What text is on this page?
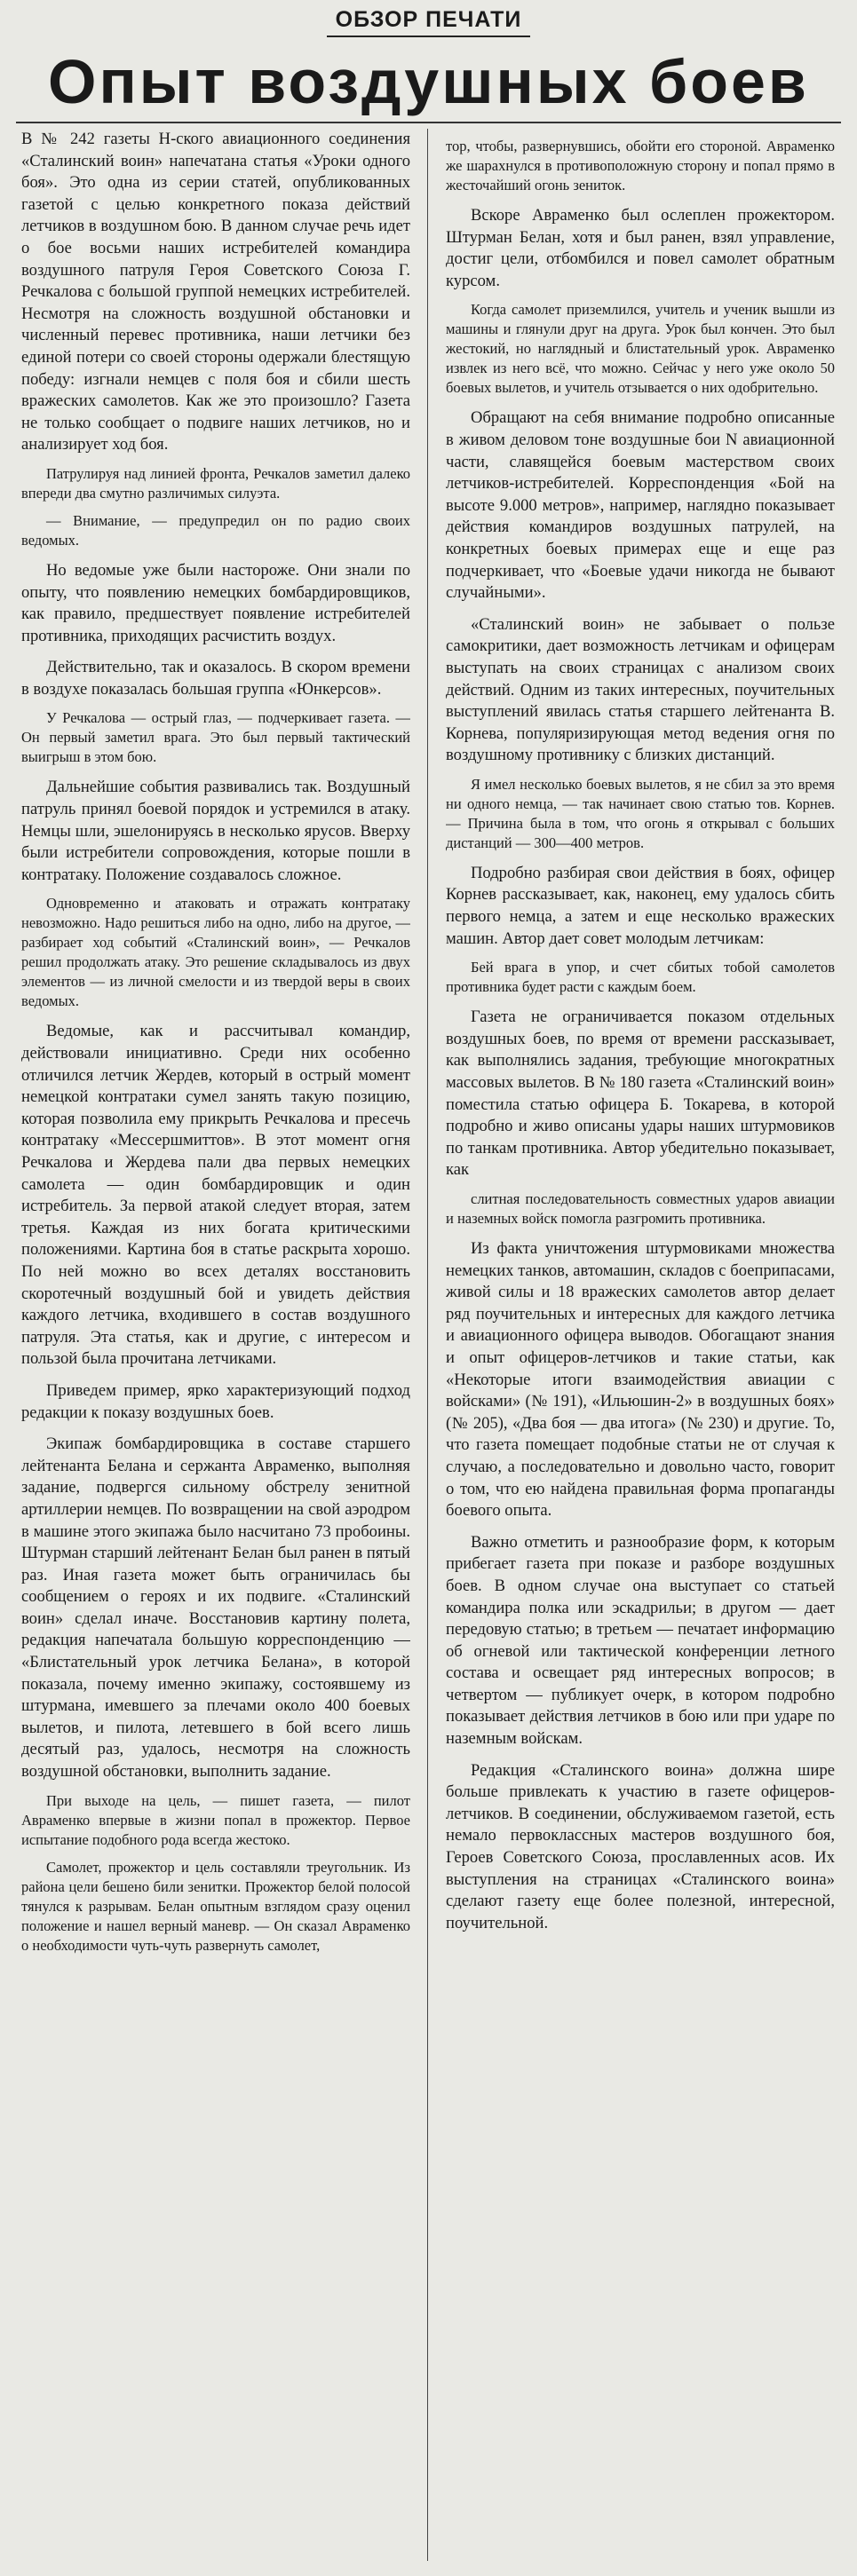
ОБЗОР ПЕЧАТИ
Опыт воздушных боев

В № 242 газеты Н-ского авиационного соединения «Сталинский воин» напечатана статья «Уроки одного боя». Это одна из серии статей, опубликованных газетой с целью конкретного показа действий летчиков в воздушном бою. В данном случае речь идет о бое восьми наших истребителей командира воздушного патруля Героя Советского Союза Г. Речкалова с большой группой немецких истребителей. Несмотря на сложность воздушной обстановки и численный перевес противника, наши летчики без единой потери со своей стороны одержали блестящую победу: изгнали немцев с поля боя и сбили шесть вражеских самолетов. Как же это произошло? Газета не только сообщает о подвиге наших летчиков, но и анализирует ход боя.

Патрулируя над линией фронта, Речкалов заметил далеко впереди два смутно различимых силуэта.

— Внимание, — предупредил он по радио своих ведомых.

Но ведомые уже были настороже. Они знали по опыту, что появлению немецких бомбардировщиков, как правило, предшествует появление истребителей противника, приходящих расчистить воздух.

Действительно, так и оказалось. В скором времени в воздухе показалась большая группа «Юнкерсов».

У Речкалова — острый глаз, — подчеркивает газета. — Он первый заметил врага. Это был первый тактический выигрыш в этом бою.

Дальнейшие события развивались так. Воздушный патруль принял боевой порядок и устремился в атаку. Немцы шли, эшелонируясь в несколько ярусов. Вверху были истребители сопровождения, которые пошли в контратаку. Положение создавалось сложное.

Одновременно и атаковать и отражать контратаку невозможно. Надо решиться либо на одно, либо на другое, — разбирает ход событий «Сталинский воин», — Речкалов решил продолжать атаку. Это решение складывалось из двух элементов — из личной смелости и из твердой веры в своих ведомых.

Ведомые, как и рассчитывал командир, действовали инициативно. Среди них особенно отличился летчик Жердев, который в острый момент немецкой контратаки сумел занять такую позицию, которая позволила ему прикрыть Речкалова и пресечь контратаку «Мессершмиттов». В этот момент огня Речкалова и Жердева пали два первых немецких самолета — один бомбардировщик и один истребитель. За первой атакой следует вторая, затем третья. Каждая из них богата критическими положениями. Картина боя в статье раскрыта хорошо. По ней можно во всех деталях восстановить скоротечный воздушный бой и увидеть действия каждого летчика, входившего в состав воздушного патруля. Эта статья, как и другие, с интересом и пользой была прочитана летчиками.

Приведем пример, ярко характеризующий подход редакции к показу воздушных боев.

Экипаж бомбардировщика в составе старшего лейтенанта Белана и сержанта Авраменко, выполняя задание, подвергся сильному обстрелу зенитной артиллерии немцев. По возвращении на свой аэродром в машине этого экипажа было насчитано 73 пробоины. Штурман старший лейтенант Белан был ранен в пятый раз. Иная газета может быть ограничилась бы сообщением о героях и их подвиге. «Сталинский воин» сделал иначе. Восстановив картину полета, редакция напечатала большую корреспонденцию — «Блистательный урок летчика Белана», в которой показала, почему именно экипажу, состоявшему из штурмана, имевшего за плечами около 400 боевых вылетов, и пилота, летевшего в бой всего лишь десятый раз, удалось, несмотря на сложность воздушной обстановки, выполнить задание.

При выходе на цель, — пишет газета, — пилот Авраменко впервые в жизни попал в прожектор. Первое испытание подобного рода всегда жестоко.

Самолет, прожектор и цель составляли треугольник. Из района цели бешено били зенитки. Прожектор белой полосой тянулся к разрывам. Белан опытным взглядом сразу оценил положение и нашел верный маневр. — Он сказал Авраменко о необходимости чуть-чуть развернуть самолет,

тор, чтобы, развернувшись, обойти его стороной. Авраменко же шарахнулся в противоположную сторону и попал прямо в жесточайший огонь зениток.

Вскоре Авраменко был ослеплен прожектором. Штурман Белан, хотя и был ранен, взял управление, достиг цели, отбомбился и повел самолет обратным курсом.

Когда самолет приземлился, учитель и ученик вышли из машины и глянули друг на друга. Урок был кончен. Это был жестокий, но наглядный и блистательный урок. Авраменко извлек из него всё, что можно. Сейчас у него уже около 50 боевых вылетов, и учитель отзывается о них одобрительно.

Обращают на себя внимание подробно описанные в живом деловом тоне воздушные бои N авиационной части, славящейся боевым мастерством своих летчиков-истребителей. Корреспонденция «Бой на высоте 9.000 метров», например, наглядно показывает действия командиров воздушных патрулей, на конкретных боевых примерах еще и еще раз подчеркивает, что «Боевые удачи никогда не бывают случайными».

«Сталинский воин» не забывает о пользе самокритики, дает возможность летчикам и офицерам выступать на своих страницах с анализом своих действий. Одним из таких интересных, поучительных выступлений явилась статья старшего лейтенанта В. Корнева, популяризирующая метод ведения огня по воздушному противнику с близких дистанций.

Я имел несколько боевых вылетов, я не сбил за это время ни одного немца, — так начинает свою статью тов. Корнев. — Причина была в том, что огонь я открывал с больших дистанций — 300—400 метров.

Подробно разбирая свои действия в боях, офицер Корнев рассказывает, как, наконец, ему удалось сбить первого немца, а затем и еще несколько вражеских машин. Автор дает совет молодым летчикам:

Бей врага в упор, и счет сбитых тобой самолетов противника будет расти с каждым боем.

Газета не ограничивается показом отдельных воздушных боев, по время от времени рассказывает, как выполнялись задания, требующие многократных массовых вылетов. В № 180 газета «Сталинский воин» поместила статью офицера Б. Токарева, в которой подробно и живо описаны удары наших штурмовиков по танкам противника. Автор убедительно показывает, как

слитная последовательность совместных ударов авиации и наземных войск помогла разгромить противника.

Из факта уничтожения штурмовиками множества немецких танков, автомашин, складов с боеприпасами, живой силы и 18 вражеских самолетов автор делает ряд поучительных и интересных для каждого летчика и авиационного офицера выводов. Обогащают знания и опыт офицеров-летчиков и такие статьи, как «Некоторые итоги взаимодействия авиации с войсками» (№ 191), «Ильюшин-2» в воздушных боях» (№ 205), «Два боя — два итога» (№ 230) и другие. То, что газета помещает подобные статьи не от случая к случаю, а последовательно и довольно часто, говорит о том, что ею найдена правильная форма пропаганды боевого опыта.

Важно отметить и разнообразие форм, к которым прибегает газета при показе и разборе воздушных боев. В одном случае она выступает со статьей командира полка или эскадрильи; в другом — дает передовую статью; в третьем — печатает информацию об огневой или тактической конференции летного состава и освещает ряд интересных вопросов; в четвертом — публикует очерк, в котором подробно показывает действия летчиков в бою или при ударе по наземным войскам.

Редакция «Сталинского воина» должна шире больше привлекать к участию в газете офицеров-летчиков. В соединении, обслуживаемом газетой, есть немало первоклассных мастеров воздушного боя, Героев Советского Союза, прославленных асов. Их выступления на страницах «Сталинского воина» сделают газету еще более полезной, интересной, поучительной.
